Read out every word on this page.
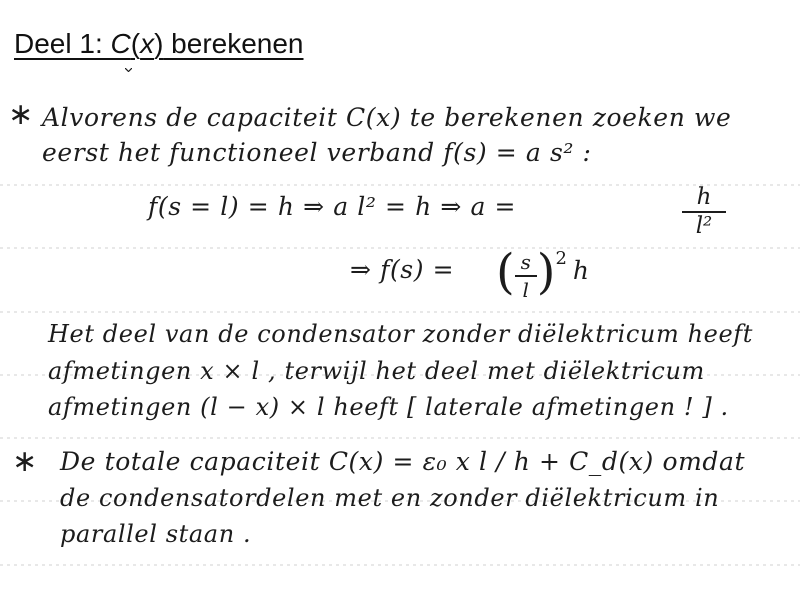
Deel 1: C(x) berekenen
∗ Alvorens de capaciteit C(x) te berekenen zoeken we
eerst het functioneel verband f(s) = a s² :
f(s = l) = h ⇒ a l² = h ⇒ a =	h
l²
⇒ $f(s) = (\frac{s}{l})2$ h
Het deel van de condensator zonder diëlektricum heeft
afmetingen x × l , terwijl het deel met diëlektricum
afmetingen (l − x) × l heeft [ laterale afmetingen ! ] .
∗ De totale capaciteit C(x) = ε₀ x l / h + C_d(x) omdat
de condensatordelen met en zonder diëlektricum in
parallel staan .
